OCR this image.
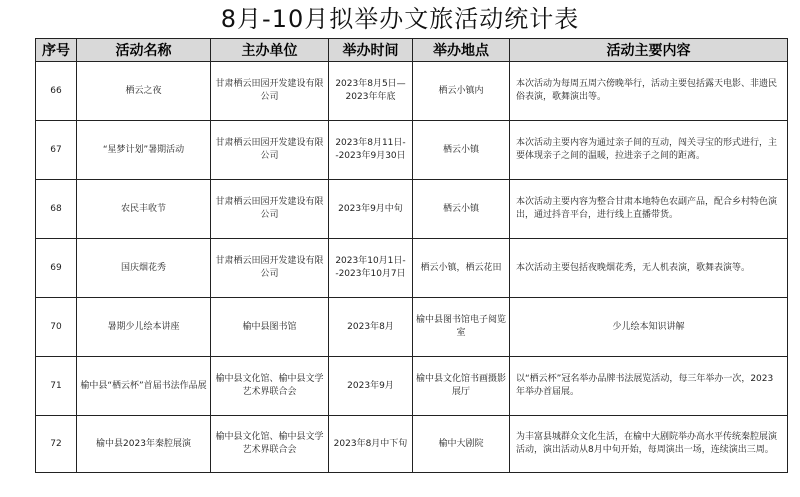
8月-10月拟举办文旅活动统计表
序号	活动名称	主办单位	举办时间	举办地点	活动主要内容
66	栖云之夜	甘肃栖云田园开发建设有限公司	2023年8月5日—2023年年底	栖云小镇内	本次活动为每周五周六傍晚举行，活动主要包括露天电影、非遗民俗表演，歌舞演出等。
67	“星梦计划”暑期活动	甘肃栖云田园开发建设有限公司	2023年8月11日--2023年9月30日	栖云小镇	本次活动主要内容为通过亲子间的互动，闯关寻宝的形式进行，主要体现亲子之间的温暖，拉进亲子之间的距离。
68	农民丰收节	甘肃栖云田园开发建设有限公司	2023年9月中旬	栖云小镇	本次活动主要内容为整合甘肃本地特色农副产品，配合乡村特色演出，通过抖音平台，进行线上直播带货。
69	国庆烟花秀	甘肃栖云田园开发建设有限公司	2023年10月1日--2023年10月7日	栖云小镇，栖云花田	本次活动主要包括夜晚烟花秀，无人机表演，歌舞表演等。
70	暑期少儿绘本讲座	榆中县图书馆	2023年8月	榆中县图书馆电子阅览室	少儿绘本知识讲解
71	榆中县“栖云杯”首届书法作品展	榆中县文化馆、榆中县文学艺术界联合会	2023年9月	榆中县文化馆书画摄影展厅	以“栖云杯”冠名举办品牌书法展览活动，每三年举办一次，2023年举办首届展。
72	榆中县2023年秦腔展演	榆中县文化馆、榆中县文学艺术界联合会	2023年8月中下旬	榆中大剧院	为丰富县城群众文化生活，在榆中大剧院举办高水平传统秦腔展演活动，演出活动从8月中旬开始，每周演出一场，连续演出三周。
